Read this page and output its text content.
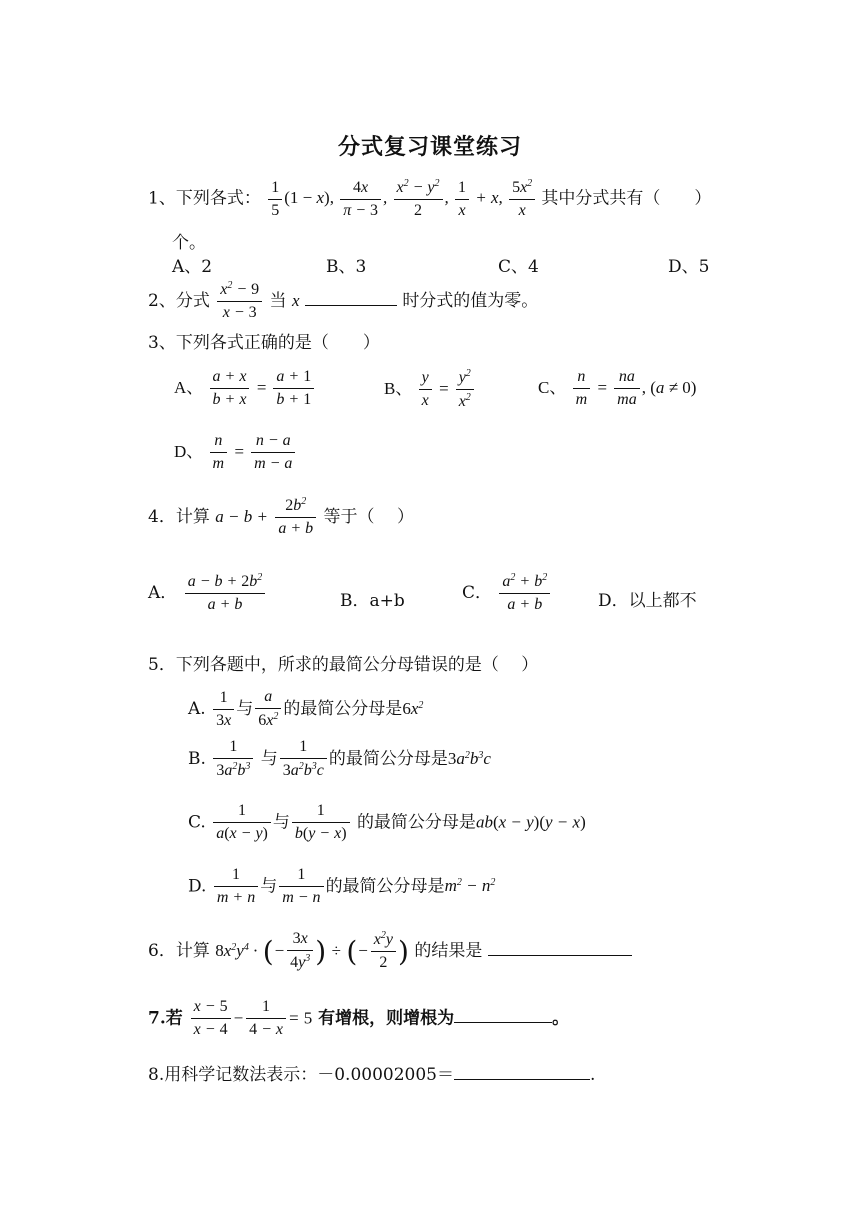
分式复习课堂练习
1、下列各式： $\frac{1}{5} (1 - x)$, $\frac{4x}{\pi - 3}$ , $\frac{x^2 - y^2}{2}$ , $\frac{1}{x} + x$, $\frac{5x^2}{x}$ 其中分式共有（　　）
个。
A、2	B、3	C、4	D、5
2、分式 $\frac{x^2 - 9}{x - 3}$ 当 x	时分式的值为零。
3、下列各式正确的是（　　）
A、 $\frac{a + x}{b + x} = \frac{a + 1}{b + 1}$	B、 $\frac{y}{x} = \frac{y^2}{x^2}$	C、 $\frac{n}{m} = \frac{na}{ma}$ , (a ≠ 0)
D、 $\frac{n}{m} = \frac{n - a}{m - a}$
4．计算 $a - b + \frac{2b^2}{a + b}$ 等于（　 ）
A． $\frac{a - b + 2b^2}{a + b}$	B．a+b	C． $\frac{a^2 + b^2}{a + b}$	D．以上都不
5．下列各题中，所求的最简公分母错误的是（　 ）
A. $\frac{1}{3x}$ 与 $\frac{a}{6x^2}$ 的最简公分母是$6x^2$
B. $\frac{1}{3a^2b^3}$ 与 $\frac{1}{3a^2b^3c}$ 的最简公分母是$3a^2b^3c$
C. $\frac{1}{a(x - y)}$ 与 $\frac{1}{b(y - x)}$ 的最简公分母是ab(x − y)(y − x)
D. $\frac{1}{m + n}$ 与 $\frac{1}{m - n}$ 的最简公分母是$m^2 - n^2$
6．计算 $8x^2y^4$ · (− $\frac{3x}{4y^3}$ ) ÷ (− $\frac{x^2y}{2}$ ) 的结果是
7.若 $\frac{x - 5}{x - 4} - \frac{1}{4 - x} = 5$ 有增根，则增根为	。
8.用科学记数法表示：－0.00002005＝	.
